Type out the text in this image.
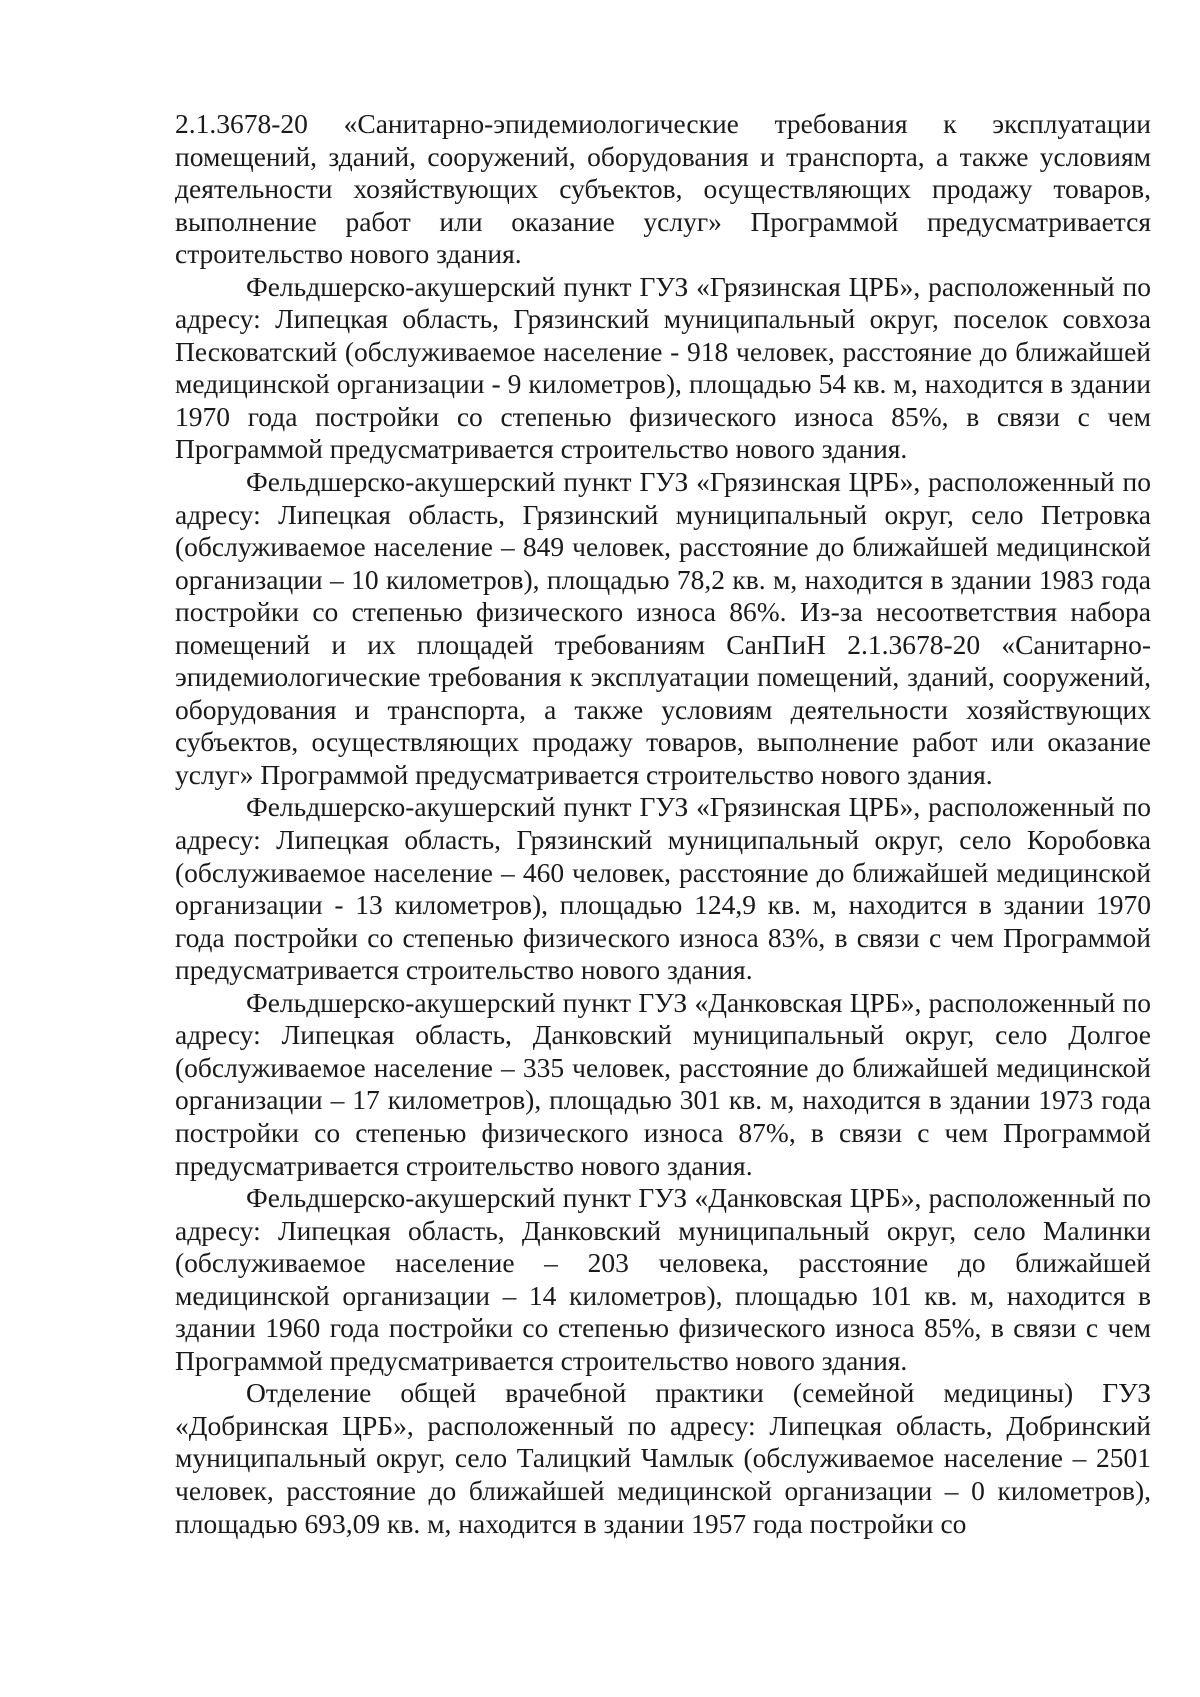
2.1.3678-20 «Санитарно-эпидемиологические требования к эксплуатации помещений, зданий, сооружений, оборудования и транспорта, а также условиям деятельности хозяйствующих субъектов, осуществляющих продажу товаров, выполнение работ или оказание услуг» Программой предусматривается строительство нового здания.

Фельдшерско-акушерский пункт ГУЗ «Грязинская ЦРБ», расположенный по адресу: Липецкая область, Грязинский муниципальный округ, поселок совхоза Песковатский (обслуживаемое население - 918 человек, расстояние до ближайшей медицинской организации - 9 километров), площадью 54 кв. м, находится в здании 1970 года постройки со степенью физического износа 85%, в связи с чем Программой предусматривается строительство нового здания.

Фельдшерско-акушерский пункт ГУЗ «Грязинская ЦРБ», расположенный по адресу: Липецкая область, Грязинский муниципальный округ, село Петровка (обслуживаемое население – 849 человек, расстояние до ближайшей медицинской организации – 10 километров), площадью 78,2 кв. м, находится в здании 1983 года постройки со степенью физического износа 86%. Из-за несоответствия набора помещений и их площадей требованиям СанПиН 2.1.3678-20 «Санитарно-эпидемиологические требования к эксплуатации помещений, зданий, сооружений, оборудования и транспорта, а также условиям деятельности хозяйствующих субъектов, осуществляющих продажу товаров, выполнение работ или оказание услуг» Программой предусматривается строительство нового здания.

Фельдшерско-акушерский пункт ГУЗ «Грязинская ЦРБ», расположенный по адресу: Липецкая область, Грязинский муниципальный округ, село Коробовка (обслуживаемое население – 460 человек, расстояние до ближайшей медицинской организации - 13 километров), площадью 124,9 кв. м, находится в здании 1970 года постройки со степенью физического износа 83%, в связи с чем Программой предусматривается строительство нового здания.

Фельдшерско-акушерский пункт ГУЗ «Данковская ЦРБ», расположенный по адресу: Липецкая область, Данковский муниципальный округ, село Долгое (обслуживаемое население – 335 человек, расстояние до ближайшей медицинской организации – 17 километров), площадью 301 кв. м, находится в здании 1973 года постройки со степенью физического износа 87%, в связи с чем Программой предусматривается строительство нового здания.

Фельдшерско-акушерский пункт ГУЗ «Данковская ЦРБ», расположенный по адресу: Липецкая область, Данковский муниципальный округ, село Малинки (обслуживаемое население – 203 человека, расстояние до ближайшей медицинской организации – 14 километров), площадью 101 кв. м, находится в здании 1960 года постройки со степенью физического износа 85%, в связи с чем Программой предусматривается строительство нового здания.

Отделение общей врачебной практики (семейной медицины) ГУЗ «Добринская ЦРБ», расположенный по адресу: Липецкая область, Добринский муниципальный округ, село Талицкий Чамлык (обслуживаемое население – 2501 человек, расстояние до ближайшей медицинской организации – 0 километров), площадью 693,09 кв. м, находится в здании 1957 года постройки со
